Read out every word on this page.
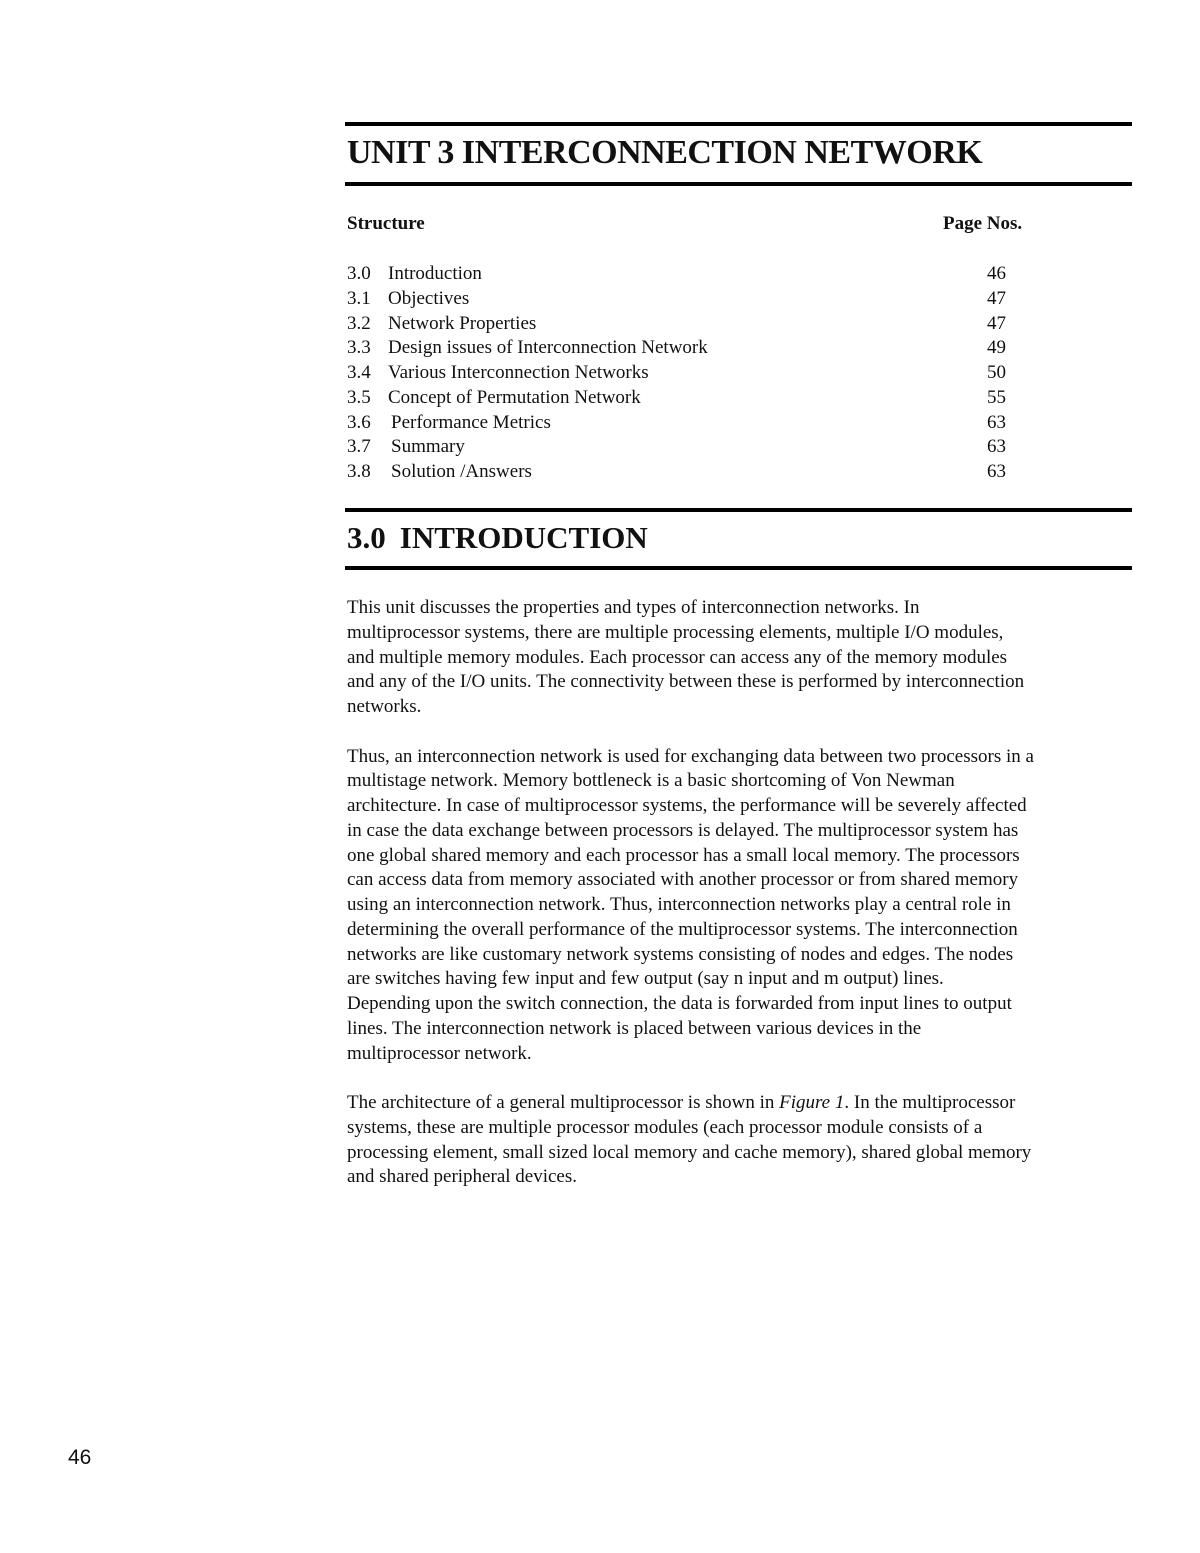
UNIT 3 INTERCONNECTION NETWORK
Structure	Page Nos.
3.0 Introduction	46
3.1 Objectives	47
3.2 Network Properties	47
3.3 Design issues of Interconnection Network	49
3.4 Various Interconnection Networks	50
3.5 Concept of Permutation Network	55
3.6 Performance Metrics	63
3.7 Summary	63
3.8 Solution /Answers	63
3.0 INTRODUCTION

This unit discusses the properties and types of interconnection networks. In
multiprocessor systems, there are multiple processing elements, multiple I/O modules,
and multiple memory modules. Each processor can access any of the memory modules
and any of the I/O units. The connectivity between these is performed by interconnection
networks.

Thus, an interconnection network is used for exchanging data between two processors in a
multistage network. Memory bottleneck is a basic shortcoming of Von Newman
architecture. In case of multiprocessor systems, the performance will be severely affected
in case the data exchange between processors is delayed. The multiprocessor system has
one global shared memory and each processor has a small local memory. The processors
can access data from memory associated with another processor or from shared memory
using an interconnection network. Thus, interconnection networks play a central role in
determining the overall performance of the multiprocessor systems. The interconnection
networks are like customary network systems consisting of nodes and edges. The nodes
are switches having few input and few output (say n input and m output) lines.
Depending upon the switch connection, the data is forwarded from input lines to output
lines. The interconnection network is placed between various devices in the
multiprocessor network.

The architecture of a general multiprocessor is shown in Figure 1. In the multiprocessor
systems, these are multiple processor modules (each processor module consists of a
processing element, small sized local memory and cache memory), shared global memory
and shared peripheral devices.

46
